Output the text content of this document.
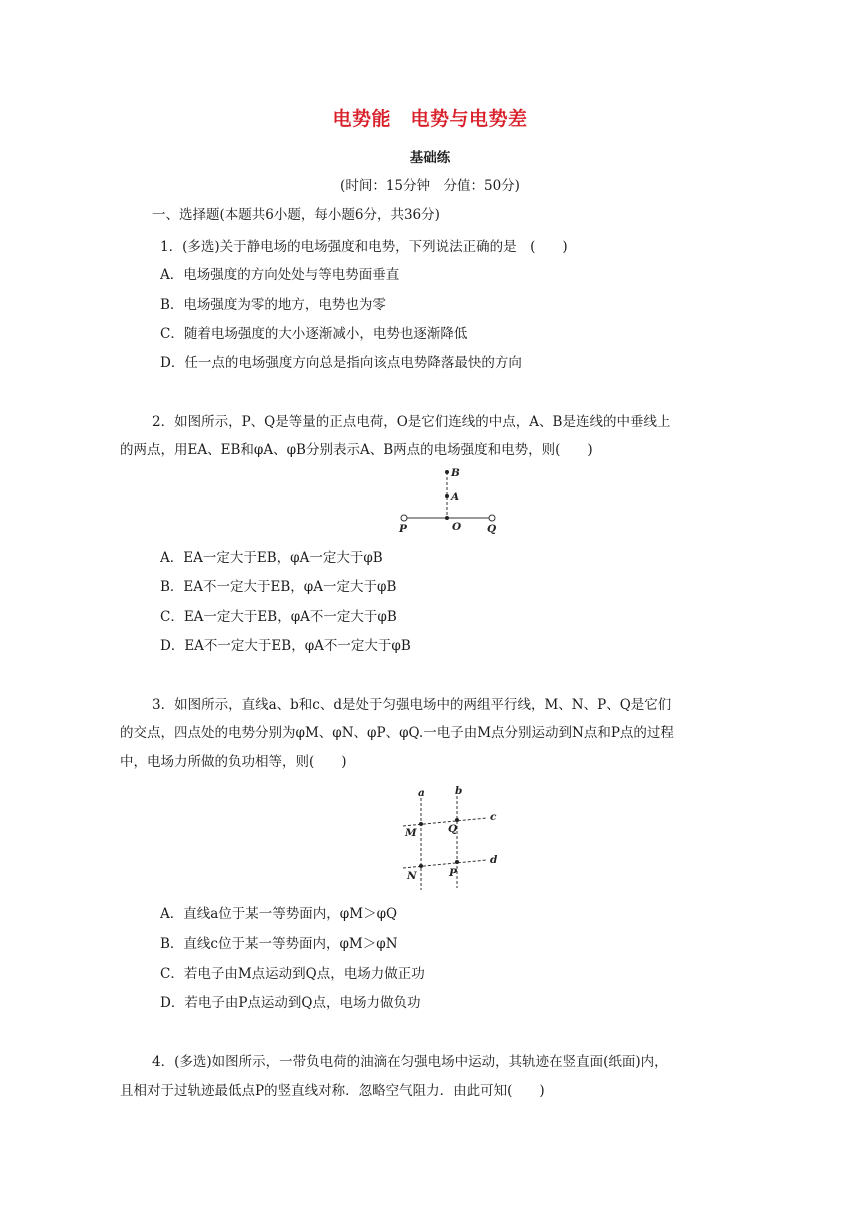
电势能　电势与电势差
基础练
(时间：15分钟　分值：50分)
一、选择题(本题共6小题，每小题6分，共36分)
1．(多选)关于静电场的电场强度和电势，下列说法正确的是　(　　)
A．电场强度的方向处处与等电势面垂直
B．电场强度为零的地方，电势也为零
C．随着电场强度的大小逐渐减小，电势也逐渐降低
D．任一点的电场强度方向总是指向该点电势降落最快的方向
2．如图所示，P、Q是等量的正点电荷，O是它们连线的中点，A、B是连线的中垂线上
的两点，用EA、EB和φA、φB分别表示A、B两点的电场强度和电势，则(　　)
B
A
P	O Q
A．EA一定大于EB，φA一定大于φB
B．EA不一定大于EB，φA一定大于φB
C．EA一定大于EB，φA不一定大于φB
D．EA不一定大于EB，φA不一定大于φB
3．如图所示，直线a、b和c、d是处于匀强电场中的两组平行线，M、N、P、Q是它们
的交点，四点处的电势分别为φM、φN、φP、φQ.一电子由M点分别运动到N点和P点的过程
中，电场力所做的负功相等，则(　　)
a	b
c
d
M	Q
N	P
A．直线a位于某一等势面内，φM＞φQ
B．直线c位于某一等势面内，φM＞φN
C．若电子由M点运动到Q点，电场力做正功
D．若电子由P点运动到Q点，电场力做负功
4．(多选)如图所示，一带负电荷的油滴在匀强电场中运动，其轨迹在竖直面(纸面)内，
且相对于过轨迹最低点P的竖直线对称．忽略空气阻力．由此可知(　　)
